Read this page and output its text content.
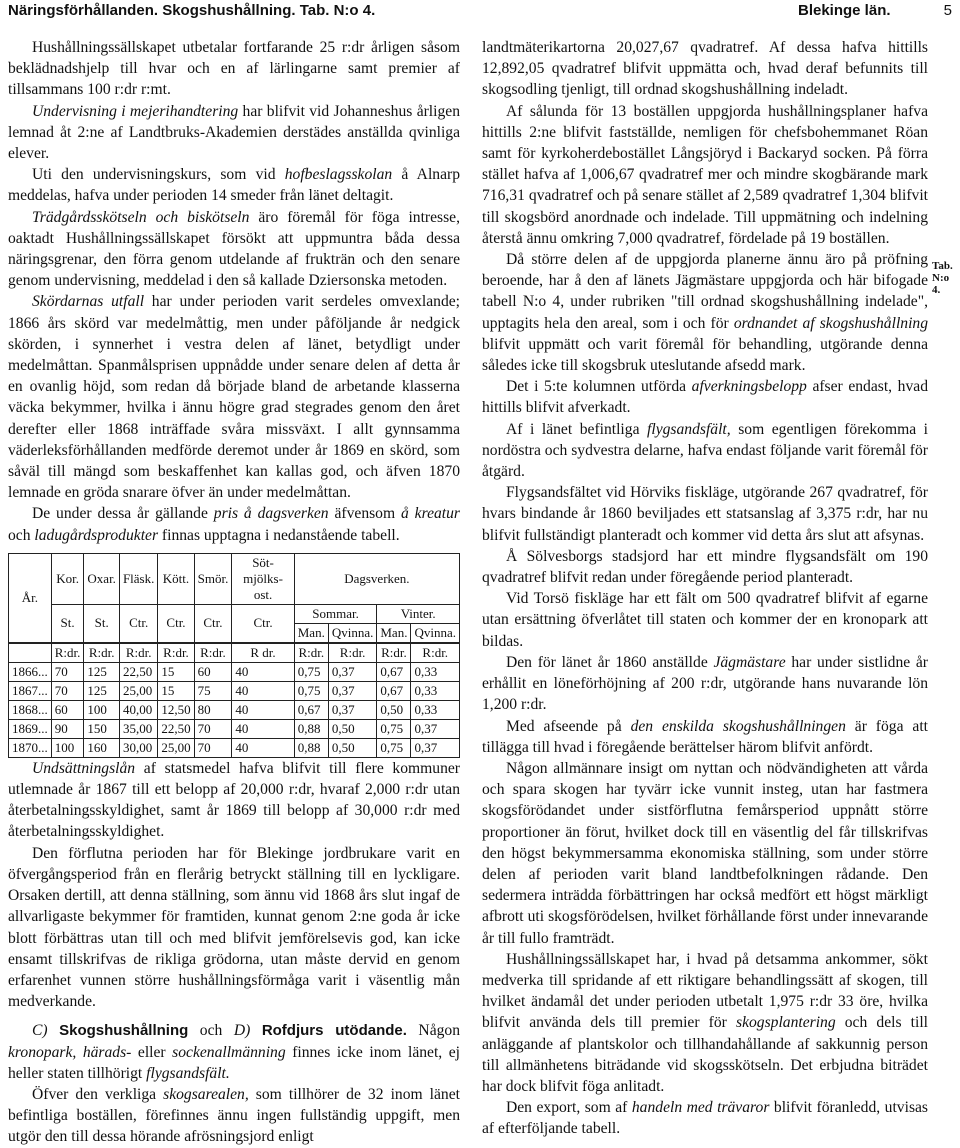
Näringsförhållanden. Skogshushållning. Tab. N:o 4.	Blekinge län.	5

Hushållningssällskapet utbetalar fortfarande 25 r:dr årligen såsom beklädnadshjelp till hvar och en af lärlingarne samt premier af tillsammans 100 r:dr r:mt.

Undervisning i mejerihandtering har blifvit vid Johanneshus årligen lemnad åt 2:ne af Landtbruks-Akademien derstädes anställda qvinliga elever.

Uti den undervisningskurs, som vid hofbeslagsskolan å Alnarp meddelas, hafva under perioden 14 smeder från länet deltagit.

Trädgårdsskötseln och biskötseln äro föremål för föga intresse, oaktadt Hushållningssällskapet försökt att uppmuntra båda dessa näringsgrenar, den förra genom utdelande af frukträn och den senare genom undervisning, meddelad i den så kallade Dziersonska metoden.

Skördarnas utfall har under perioden varit serdeles omvexlande; 1866 års skörd var medelmåttig, men under påföljande år nedgick skörden, i synnerhet i vestra delen af länet, betydligt under medelmåttan. Spanmålsprisen uppnådde under senare delen af detta år en ovanlig höjd, som redan då började bland de arbetande klasserna väcka bekymmer, hvilka i ännu högre grad stegrades genom den året derefter eller 1868 inträffade svåra missväxt. I allt gynnsamma väderleksförhållanden medförde deremot under år 1869 en skörd, som såväl till mängd som beskaffenhet kan kallas god, och äfven 1870 lemnade en gröda snarare öfver än under medelmåttan.

De under dessa år gällande pris å dagsverken äfvensom å kreatur och ladugårdsprodukter finnas upptagna i nedanstående tabell.

År.	Kor.	Oxar.	Fläsk.	Kött.	Smör.	Söt-mjölks-ost.	Dagsverken.			
	St.	St.	Ctr.	Ctr.	Ctr.	Ctr.	Sommar.		Vinter.	
							Man.	Qvinna.	Man.	Qvinna.
	R:dr.	R:dr.	R:dr.	R:dr.	R:dr.	R dr.	R:dr.	R:dr.	R:dr.	R:dr.
1866...	70	125	22,50	15	60	40	0,75	0,37	0,67	0,33
1867...	70	125	25,00	15	75	40	0,75	0,37	0,67	0,33
1868...	60	100	40,00	12,50	80	40	0,67	0,37	0,50	0,33
1869...	90	150	35,00	22,50	70	40	0,88	0,50	0,75	0,37
1870...	100	160	30,00	25,00	70	40	0,88	0,50	0,75	0,37

Undsättningslån af statsmedel hafva blifvit till flere kommuner utlemnade år 1867 till ett belopp af 20,000 r:dr, hvaraf 2,000 r:dr utan återbetalningsskyldighet, samt år 1869 till belopp af 30,000 r:dr med återbetalningsskyldighet.

Den förflutna perioden har för Blekinge jordbrukare varit en öfvergångsperiod från en flerårig betryckt ställning till en lyckligare. Orsaken dertill, att denna ställning, som ännu vid 1868 års slut ingaf de allvarligaste bekymmer för framtiden, kunnat genom 2:ne goda år icke blott förbättras utan till och med blifvit jemförelsevis god, kan icke ensamt tillskrifvas de rikliga grödorna, utan måste dervid en genom erfarenhet vunnen större hushållningsförmåga varit i väsentlig mån medverkande.

C) Skogshushållning och D) Rofdjurs utödande. Någon kronopark, härads- eller sockenallmänning finnes icke inom länet, ej heller staten tillhörigt flygsandsfält.

Öfver den verkliga skogsarealen, som tillhörer de 32 inom länet befintliga boställen, förefinnes ännu ingen fullständig uppgift, men utgör den till dessa hörande afrösningsjord enligt

landtmäterikartorna 20,027,67 qvadratref. Af dessa hafva hittills 12,892,05 qvadratref blifvit uppmätta och, hvad deraf befunnits till skogsodling tjenligt, till ordnad skogshushållning indeladt.

Af sålunda för 13 boställen uppgjorda hushållningsplaner hafva hittills 2:ne blifvit fastställde, nemligen för chefsbohemmanet Röan samt för kyrkoherdebostället Långsjöryd i Backaryd socken. På förra stället hafva af 1,006,67 qvadratref mer och mindre skogbärande mark 716,31 qvadratref och på senare stället af 2,589 qvadratref 1,304 blifvit till skogsbörd anordnade och indelade. Till uppmätning och indelning återstå ännu omkring 7,000 qvadratref, fördelade på 19 boställen.

Då större delen af de uppgjorda planerne ännu äro på pröfning beroende, har å den af länets Jägmästare uppgjorda och här bifogade tabell N:o 4, under rubriken "till ordnad skogshushållning indelade", upptagits hela den areal, som i och för ordnandet af skogshushållning blifvit uppmätt och varit föremål för behandling, utgörande denna således icke till skogsbruk uteslutande afsedd mark.

Det i 5:te kolumnen utförda afverkningsbelopp afser endast, hvad hittills blifvit afverkadt.

Af i länet befintliga flygsandsfält, som egentligen förekomma i nordöstra och sydvestra delarne, hafva endast följande varit föremål för åtgärd.

Flygsandsfältet vid Hörviks fiskläge, utgörande 267 qvadratref, för hvars bindande år 1860 beviljades ett statsanslag af 3,375 r:dr, har nu blifvit fullständigt planteradt och kommer vid detta års slut att afsynas.

Å Sölvesborgs stadsjord har ett mindre flygsandsfält om 190 qvadratref blifvit redan under föregående period planteradt.

Vid Torsö fiskläge har ett fält om 500 qvadratref blifvit af egarne utan ersättning öfverlåtet till staten och kommer der en kronopark att bildas.

Den för länet år 1860 anställde Jägmästare har under sistlidne år erhållit en löneförhöjning af 200 r:dr, utgörande hans nuvarande lön 1,200 r:dr.

Med afseende på den enskilda skogshushållningen är föga att tillägga till hvad i föregående berättelser härom blifvit anfördt.

Någon allmännare insigt om nyttan och nödvändigheten att vårda och spara skogen har tyvärr icke vunnit insteg, utan har fastmera skogsförödandet under sistförflutna femårsperiod uppnått större proportioner än förut, hvilket dock till en väsentlig del får tillskrifvas den högst bekymmersamma ekonomiska ställning, som under större delen af perioden varit bland landtbefolkningen rådande. Den sedermera inträdda förbättringen har också medfört ett högst märkligt afbrott uti skogsförödelsen, hvilket förhållande först under innevarande år till fullo framträdt.

Hushållningssällskapet har, i hvad på detsamma ankommer, sökt medverka till spridande af ett riktigare behandlingssätt af skogen, till hvilket ändamål det under perioden utbetalt 1,975 r:dr 33 öre, hvilka blifvit använda dels till premier för skogsplantering och dels till anläggande af plantskolor och tillhandahållande af sakkunnig person till allmänhetens biträdande vid skogsskötseln. Det erbjudna biträdet har dock blifvit föga anlitadt.

Den export, som af handeln med trävaror blifvit föranledd, utvisas af efterföljande tabell.

Tab. N:o 4.
